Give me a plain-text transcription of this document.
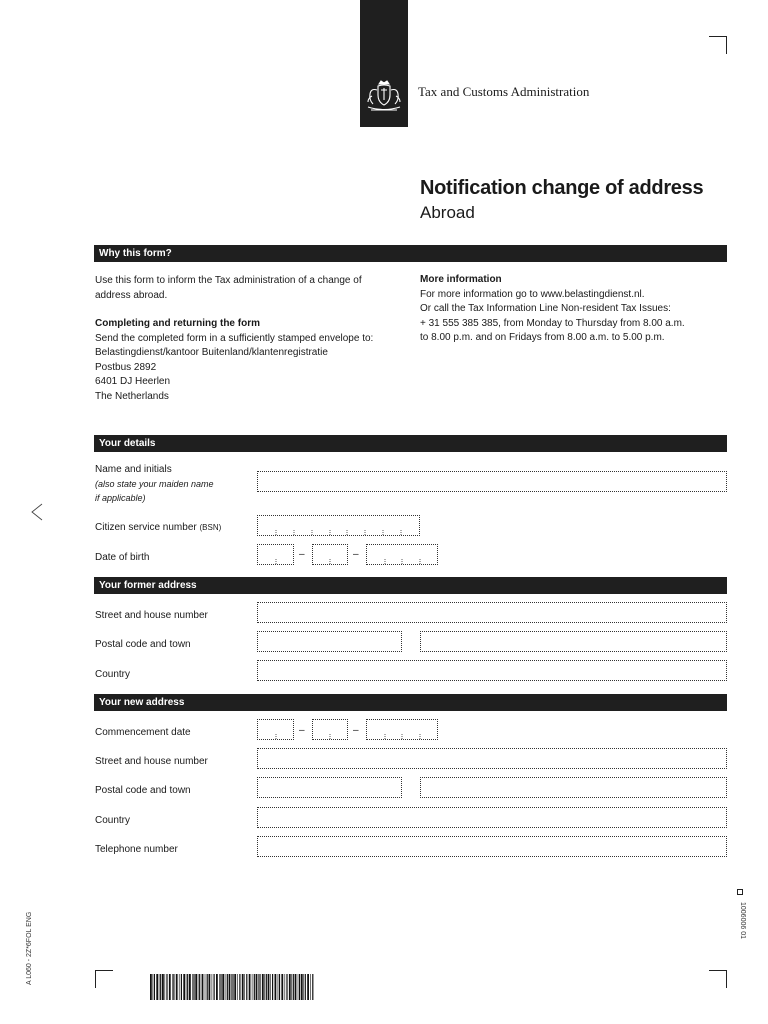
Tax and Customs Administration
Notification change of address
Abroad
Why this form?
Use this form to inform the Tax administration of a change of
address abroad.
Completing and returning the form
Send the completed form in a sufficiently stamped envelope to:
Belastingdienst/kantoor Buitenland/klantenregistratie
Postbus 2892
6401 DJ Heerlen
The Netherlands
More information
For more information go to www.belastingdienst.nl.
Or call the Tax Information Line Non-resident Tax Issues:
+ 31 555 385 385, from Monday to Thursday from 8.00 a.m.
to 8.00 p.m. and on Fridays from 8.00 a.m. to 5.00 p.m.
Your details
Name and initials
(also state your maiden name
if applicable)
Citizen service number (BSN)
Date of birth	–	–
Your former address
Street and house number
Postal code and town
Country
Your new address
Commencement date	–	–
Street and house number
Postal code and town
Country
Telephone number
A L060 - 2Z*6FOL ENG	1006006 01
